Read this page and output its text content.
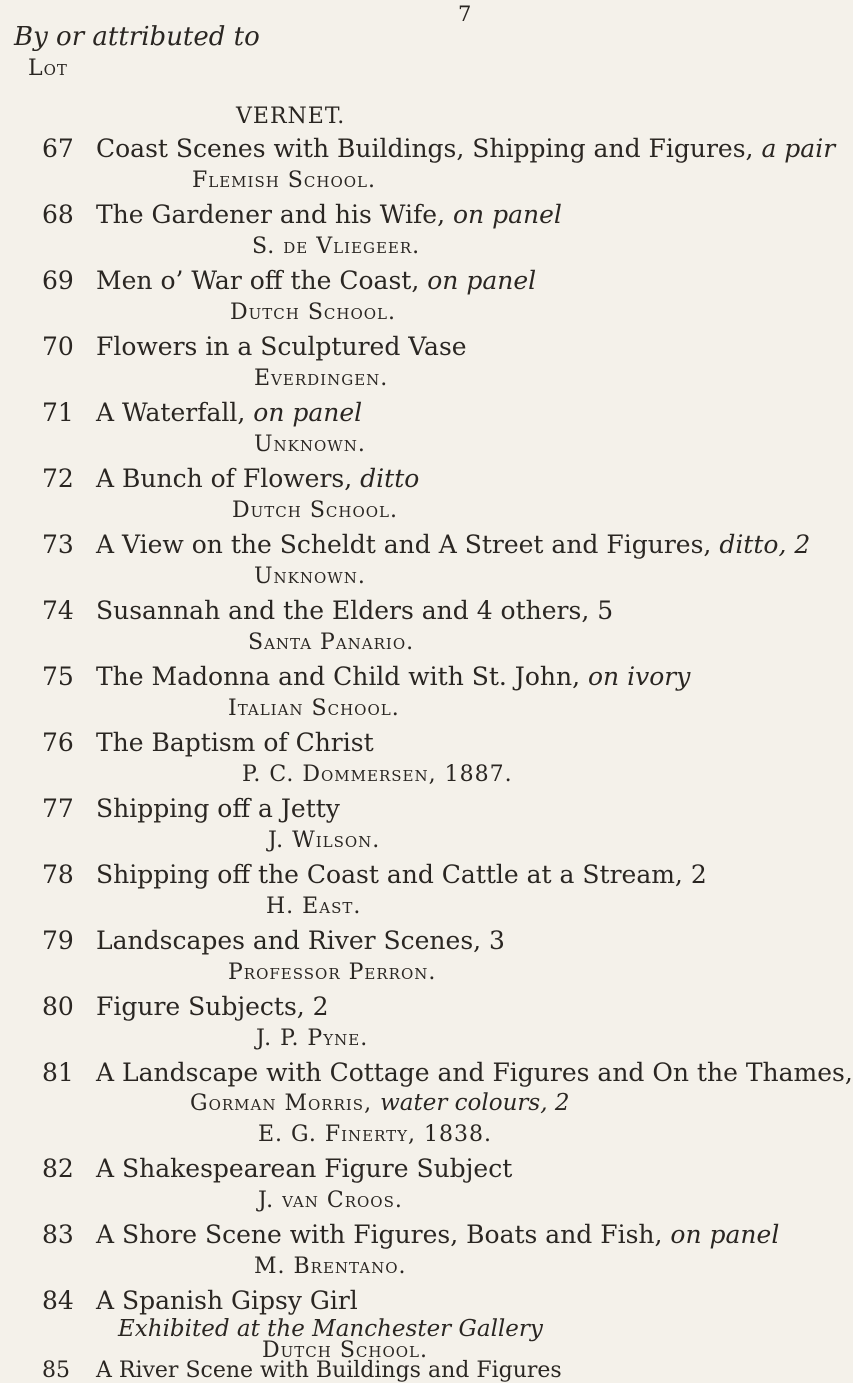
7
By or attributed to
Lot
VERNET.
67 Coast Scenes with Buildings, Shipping and Figures, a pair
Flemish School.
68 The Gardener and his Wife, on panel
S. de Vliegeer.
69 Men o’ War off the Coast, on panel
Dutch School.
70 Flowers in a Sculptured Vase
Everdingen.
71 A Waterfall, on panel
Unknown.
72 A Bunch of Flowers, ditto
Dutch School.
73 A View on the Scheldt and A Street and Figures, ditto, 2
Unknown.
74 Susannah and the Elders and 4 others, 5
Santa Panario.
75 The Madonna and Child with St. John, on ivory
Italian School.
76 The Baptism of Christ
P. C. Dommersen, 1887.
77 Shipping off a Jetty
J. Wilson.
78 Shipping off the Coast and Cattle at a Stream, 2
H. East.
79 Landscapes and River Scenes, 3
Professor Perron.
80 Figure Subjects, 2
J. P. Pyne.
81 A Landscape with Cottage and Figures and On the Thames,
Gorman Morris, water colours, 2
E. G. Finerty, 1838.
82 A Shakespearean Figure Subject
J. van Croos.
83 A Shore Scene with Figures, Boats and Fish, on panel
M. Brentano.
84 A Spanish Gipsy Girl
Exhibited at the Manchester Gallery
Dutch School.
85 A River Scene with Buildings and Figures
